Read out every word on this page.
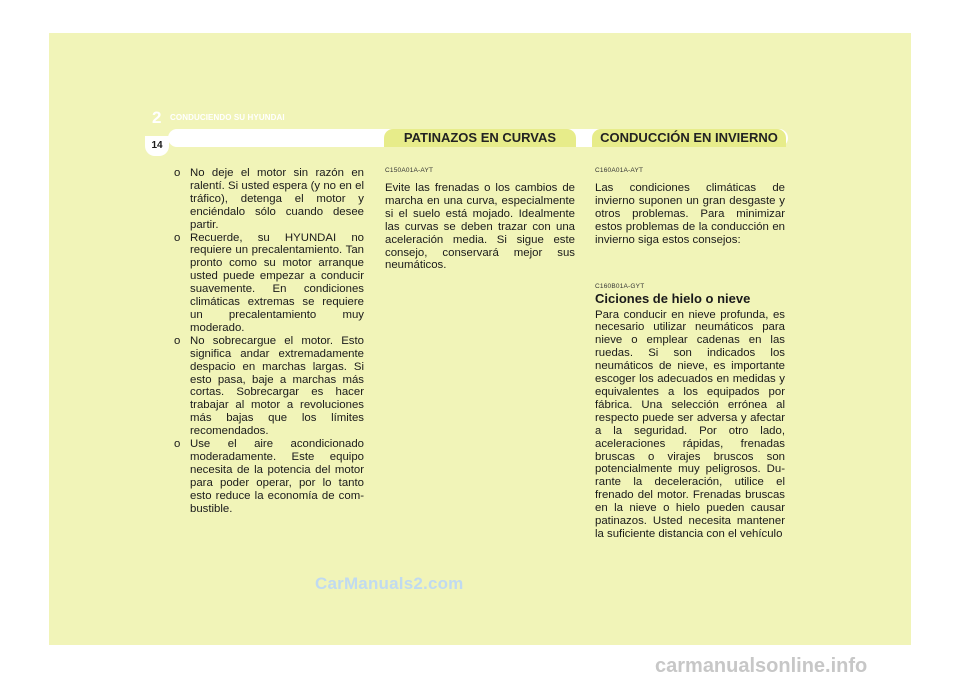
2 CONDUCIENDO SU HYUNDAI
14
PATINAZOS EN CURVAS	CONDUCCIÓN EN INVIERNO
o No deje el motor sin razón en ralentí. Si usted espera (y no en el tráfico), detenga el motor y enciéndalo sólo cuando desee partir.
o Recuerde, su HYUNDAI no requiere un precalentamiento. Tan pronto como su motor arranque usted puede empezar a conducir suavemente. En condiciones climáticas extremas se requiere un precalentamiento muy moderado.
o No sobrecargue el motor. Esto significa andar extremadamente despacio en marchas largas. Si esto pasa, baje a marchas más cortas. Sobrecargar es hacer trabajar al motor a revoluciones más bajas que los límites recomendados.
o Use el aire acondicionado moderadamente. Este equipo necesita de la potencia del motor para poder operar, por lo tanto esto reduce la economía de com-bustible.
C150A01A-AYT

Evite las frenadas o los cambios de marcha en una curva, especialmente si el suelo está mojado. Idealmente las curvas se deben trazar con una aceleración media. Si sigue este consejo, conservará mejor sus neumáticos.

C160A01A-AYT

Las condiciones climáticas de invierno suponen un gran desgaste y otros problemas. Para minimizar estos problemas de la conducción en invierno siga estos consejos:

C160B01A-GYT
Ciciones de hielo o nieve

Para conducir en nieve profunda, es necesario utilizar neumáticos para nieve o emplear cadenas en las ruedas. Si son indicados los neumáticos de nieve, es importante escoger los adecuados en medidas y equivalentes a los equipados por fábrica. Una selección errónea al respecto puede ser adversa y afectar a la seguridad. Por otro lado, aceleraciones rápidas, frenadas bruscas o virajes bruscos son potencialmente muy peligrosos. Du-rante la deceleración, utilice el frenado del motor. Frenadas bruscas en la nieve o hielo pueden causar patinazos. Usted necesita mantener la suficiente distancia con el vehículo

CarManuals2.com
carmanualsonline.info
